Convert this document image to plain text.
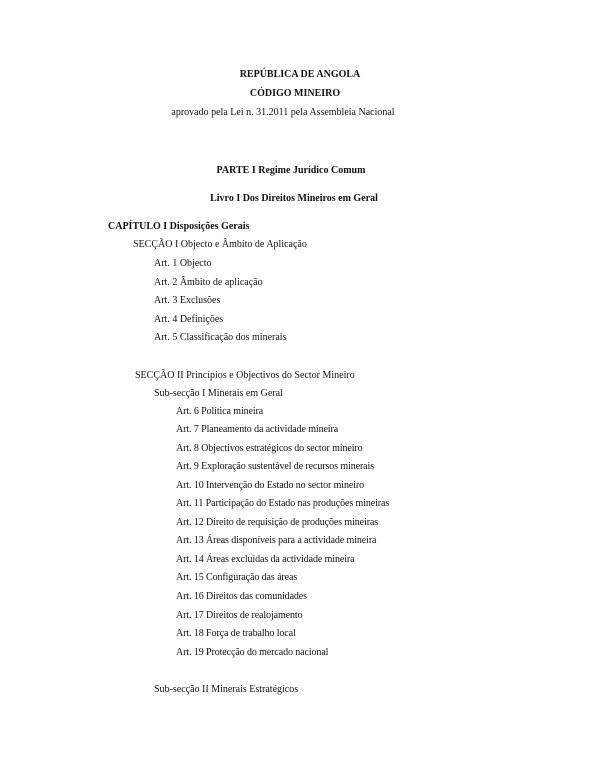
REPÚBLICA DE ANGOLA
CÓDIGO MINEIRO
aprovado pela Lei n. 31.2011 pela Assembleia Nacional
PARTE I Regime Jurídico Comum
Livro I Dos Direitos Mineiros em Geral
CAPÍTULO I Disposições Gerais
SECÇÃO I Objecto e Âmbito de Aplicação
Art. 1 Objecto
Art. 2 Âmbito de aplicação
Art. 3 Exclusões
Art. 4 Definições
Art. 5 Classificação dos minerais
SECÇÃO II Princípios e Objectivos do Sector Mineiro
Sub-secção I Minerais em Geral
Art. 6 Política mineira
Art. 7 Planeamento da actividade mineira
Art. 8 Objectivos estratégicos do sector mineiro
Art. 9 Exploração sustentável de recursos minerais
Art. 10 Intervenção do Estado no sector mineiro
Art. 11 Participação do Estado nas produções mineiras
Art. 12 Direito de requisição de produções mineiras
Art. 13 Áreas disponíveis para a actividade mineira
Art. 14 Áreas excluídas da actividade mineira
Art. 15 Configuração das áreas
Art. 16 Direitos das comunidades
Art. 17 Direitos de realojamento
Art. 18 Força de trabalho local
Art. 19 Protecção do mercado nacional
Sub-secção II Minerais Estratégicos
